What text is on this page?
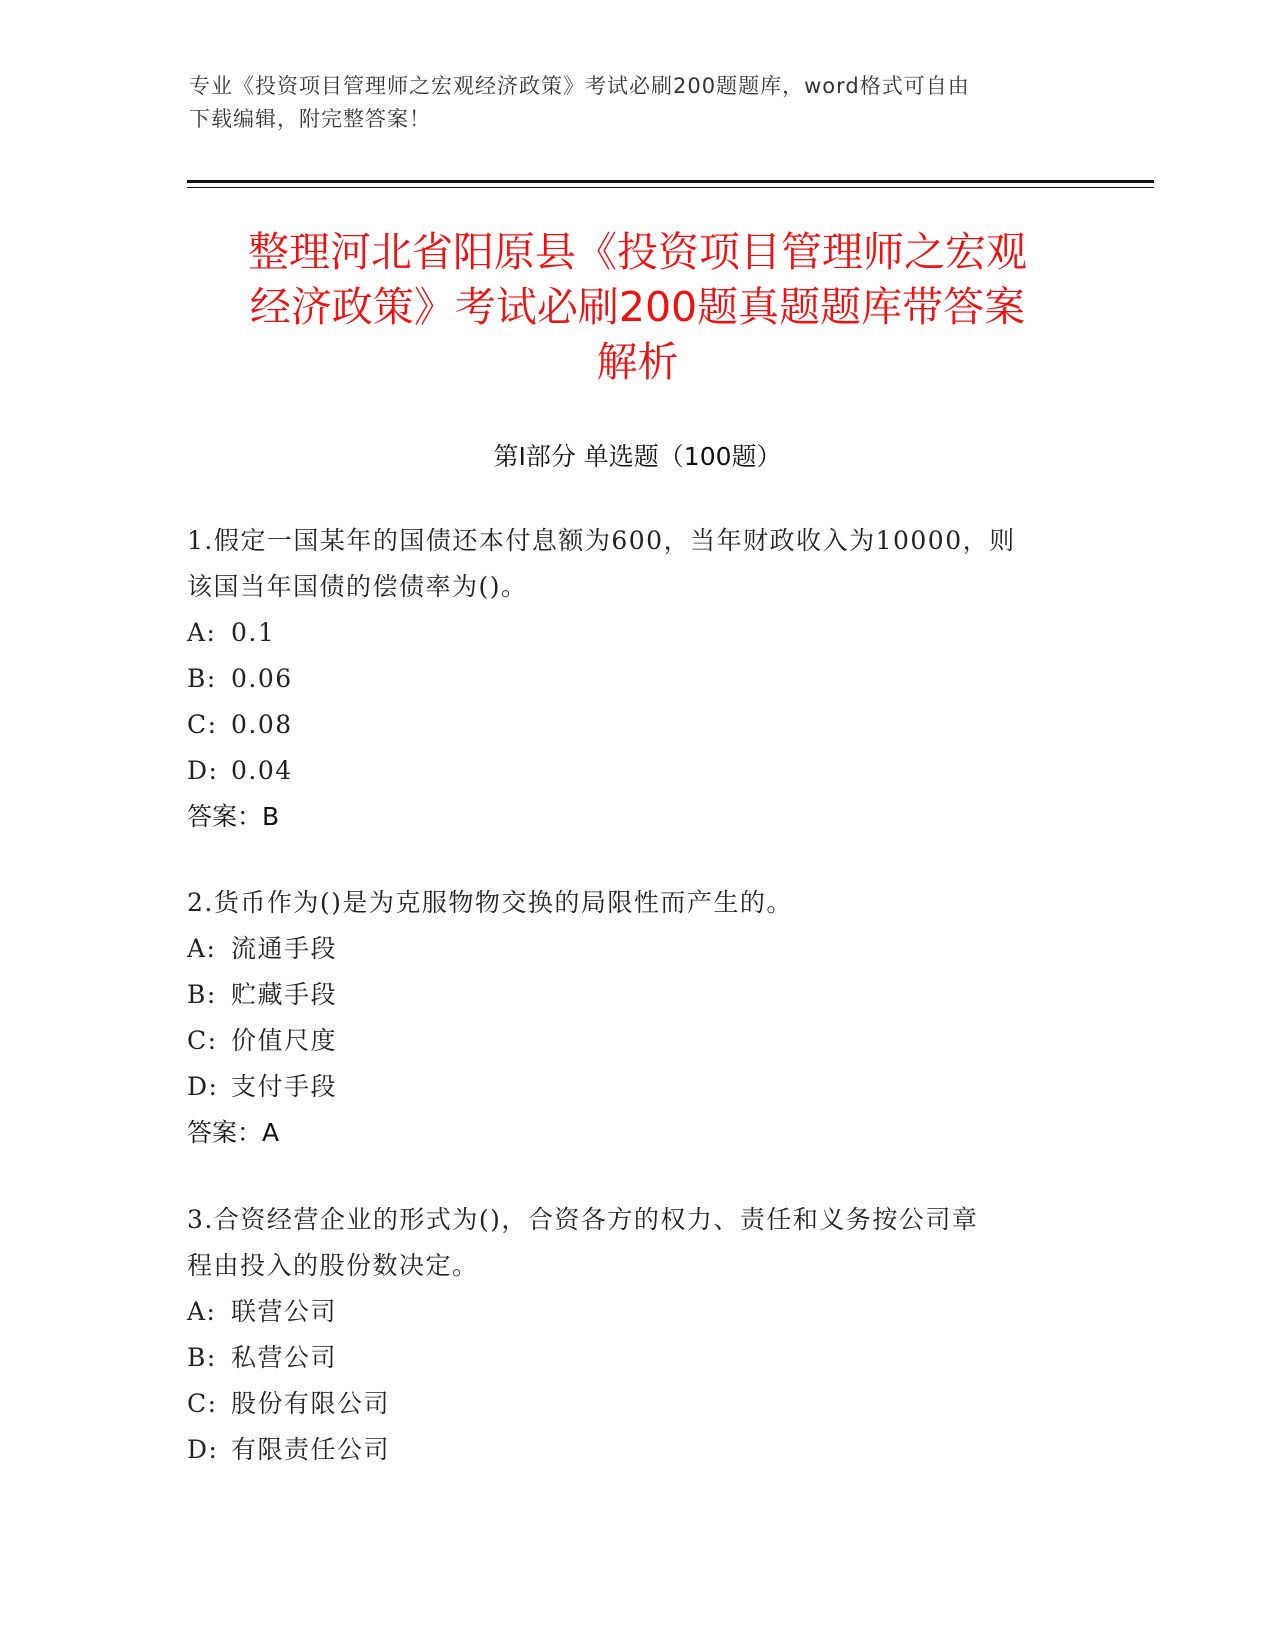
专业《投资项目管理师之宏观经济政策》考试必刷200题题库，word格式可自由
下载编辑，附完整答案！
整理河北省阳原县《投资项目管理师之宏观
经济政策》考试必刷200题真题题库带答案
解析
第Ⅰ部分 单选题（100题）

1.假定一国某年的国债还本付息额为600，当年财政收入为10000，则

该国当年国债的偿债率为()。

A: 0.1

B: 0.06

C: 0.08

D: 0.04

答案：B

2.货币作为()是为克服物物交换的局限性而产生的。

A: 流通手段

B: 贮藏手段

C: 价值尺度

D: 支付手段

答案：A

3.合资经营企业的形式为()，合资各方的权力、责任和义务按公司章

程由投入的股份数决定。

A: 联营公司

B: 私营公司

C: 股份有限公司

D: 有限责任公司
